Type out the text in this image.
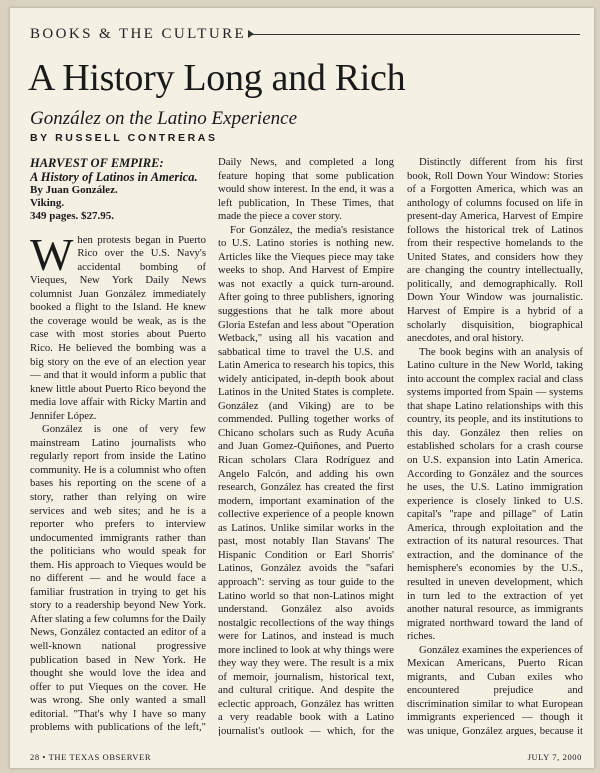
BOOKS & THE CULTURE
A History Long and Rich
González on the Latino Experience
BY RUSSELL CONTRERAS
HARVEST OF EMPIRE:
A History of Latinos in America.
By Juan González.
Viking.
349 pages. $27.95.

When protests began in Puerto Rico over the U.S. Navy's accidental bombing of Vieques, New York Daily News columnist Juan González immediately booked a flight to the Island. He knew the coverage would be weak, as is the case with most stories about Puerto Rico. He believed the bombing was a big story on the eve of an election year — and that it would inform a public that knew little about Puerto Rico beyond the media love affair with Ricky Martin and Jennifer López.

González is one of very few mainstream Latino journalists who regularly report from inside the Latino community. He is a columnist who often bases his reporting on the scene of a story, rather than relying on wire services and web sites; and he is a reporter who prefers to interview undocumented immigrants rather than the politicians who would speak for them. His approach to Vieques would be no different — and he would face a familiar frustration in trying to get his story to a readership beyond New York. After slating a few columns for the Daily News, González contacted an editor of a well-known national progressive publication based in New York. He thought she would love the idea and offer to put Vieques on the cover. He was wrong. She only wanted a small editorial. "That's why I have so many problems with publications of the left,"

Daily News, and completed a long feature hoping that some publication would show interest. In the end, it was a left publication, In These Times, that made the piece a cover story.

For González, the media's resistance to U.S. Latino stories is nothing new. Articles like the Vieques piece may take weeks to shop. And Harvest of Empire was not exactly a quick turn-around. After going to three publishers, ignoring suggestions that he talk more about Gloria Estefan and less about "Operation Wetback," using all his vacation and sabbatical time to travel the U.S. and Latin America to research his topics, this widely anticipated, in-depth book about Latinos in the United States is complete. González (and Viking) are to be commended. Pulling together works of Chicano scholars such as Rudy Acuña and Juan Gomez-Quiñones, and Puerto Rican scholars Clara Rodríguez and Angelo Falcón, and adding his own research, González has created the first modern, important examination of the collective experience of a people known as Latinos. Unlike similar works in the past, most notably Ilan Stavans' The Hispanic Condition or Earl Shorris' Latinos, González avoids the "safari approach": serving as tour guide to the Latino world so that non-Latinos might understand. González also avoids nostalgic recollections of the way things were for Latinos, and instead is much more inclined to look at why things were they way they were. The result is a mix of memoir, journalism, historical text, and cultural critique. And despite the eclectic approach, González has written a very readable book with a Latino journalist's outlook — which, for the

Distinctly different from his first book, Roll Down Your Window: Stories of a Forgotten America, which was an anthology of columns focused on life in present-day America, Harvest of Empire follows the historical trek of Latinos from their respective homelands to the United States, and considers how they are changing the country intellectually, politically, and demographically. Roll Down Your Window was journalistic. Harvest of Empire is a hybrid of a scholarly disquisition, biographical anecdotes, and oral history.

The book begins with an analysis of Latino culture in the New World, taking into account the complex racial and class systems imported from Spain — systems that shape Latino relationships with this country, its people, and its institutions to this day. González then relies on established scholars for a crash course on U.S. expansion into Latin America. According to González and the sources he uses, the U.S. Latino immigration experience is closely linked to U.S. capital's "rape and pillage" of Latin America, through exploitation and the extraction of its natural resources. That extraction, and the dominance of the hemisphere's economies by the U.S., resulted in uneven development, which in turn led to the extraction of yet another natural resource, as immigrants migrated northward toward the land of riches.

González examines the experiences of Mexican Americans, Puerto Rican migrants, and Cuban exiles who encountered prejudice and discrimination similar to what European immigrants experienced — though it was unique, González argues, because it

28 • THE TEXAS OBSERVER	JULY 7, 2000
